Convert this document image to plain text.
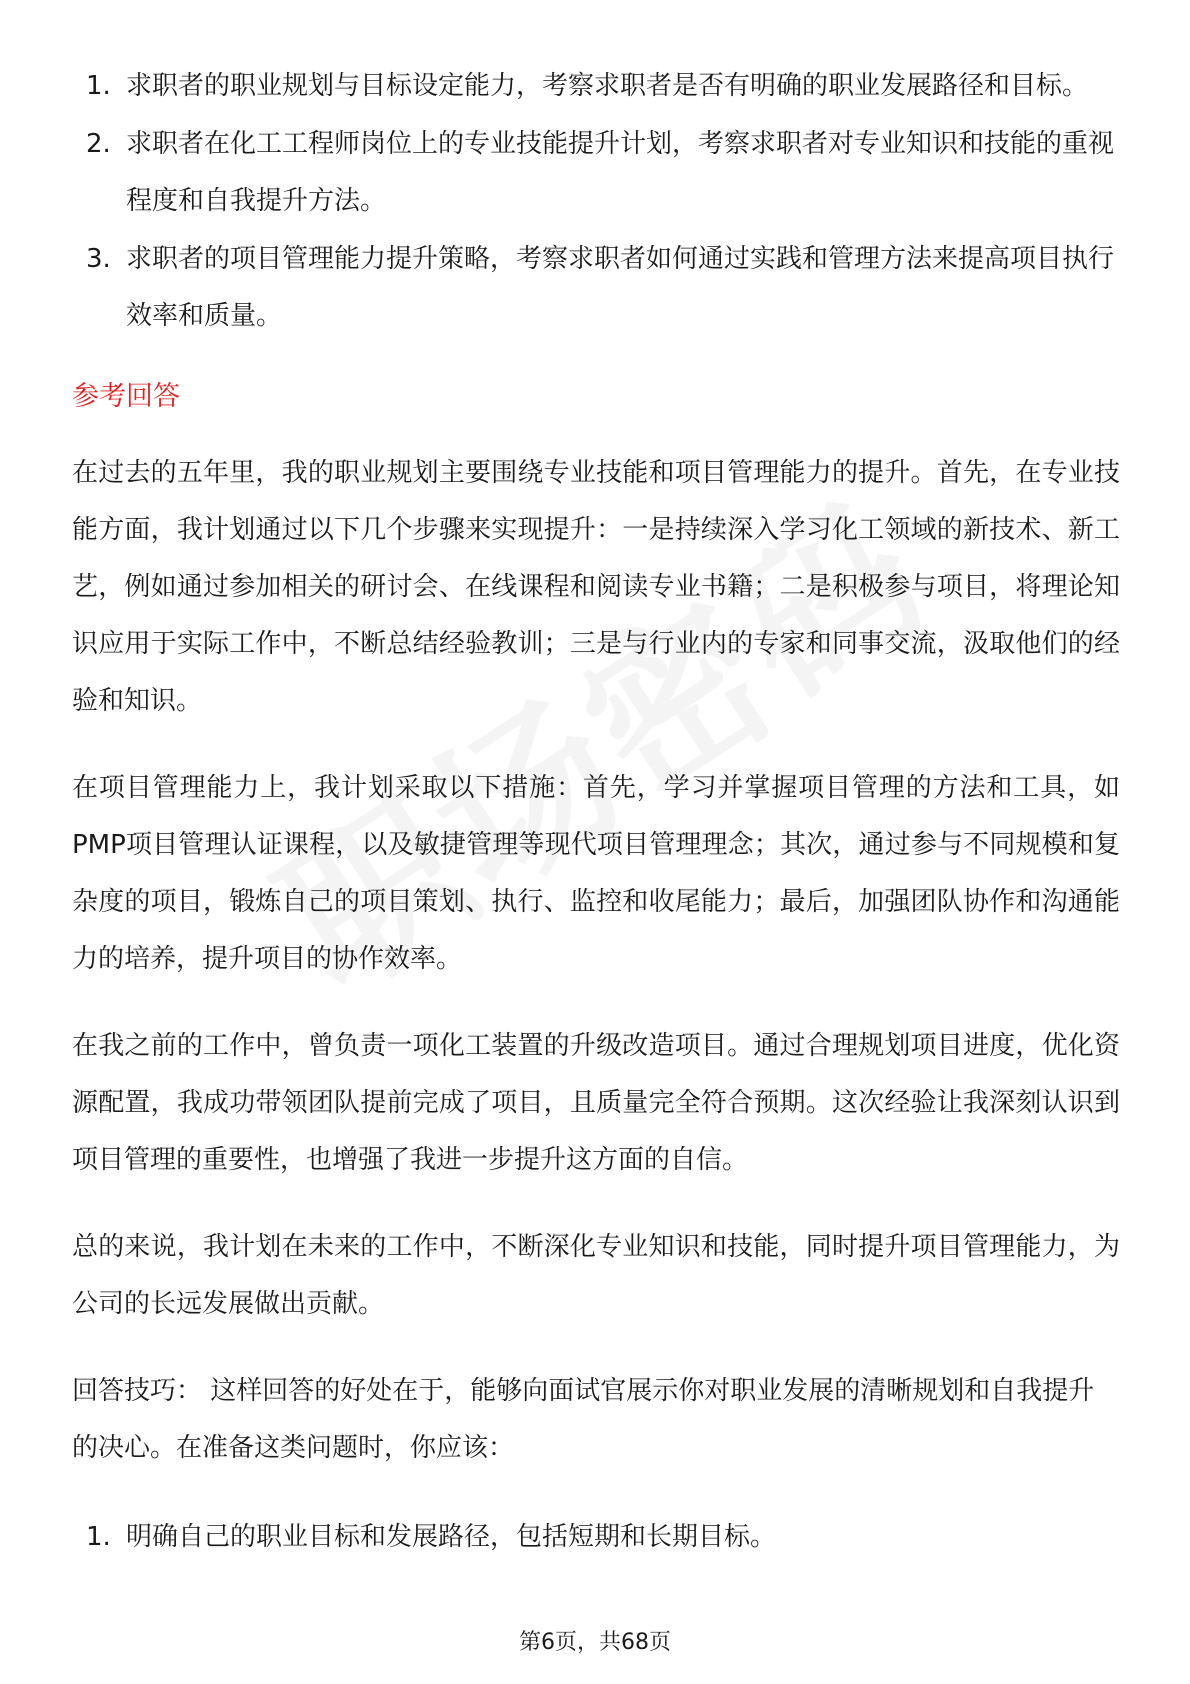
1. 求职者的职业规划与目标设定能力，考察求职者是否有明确的职业发展路径和目标。
2. 求职者在化工工程师岗位上的专业技能提升计划，考察求职者对专业知识和技能的重视程度和自我提升方法。
3. 求职者的项目管理能力提升策略，考察求职者如何通过实践和管理方法来提高项目执行效率和质量。
参考回答

在过去的五年里，我的职业规划主要围绕专业技能和项目管理能力的提升。首先，在专业技能方面，我计划通过以下几个步骤来实现提升：一是持续深入学习化工领域的新技术、新工艺，例如通过参加相关的研讨会、在线课程和阅读专业书籍；二是积极参与项目，将理论知识应用于实际工作中，不断总结经验教训；三是与行业内的专家和同事交流，汲取他们的经验和知识。

在项目管理能力上，我计划采取以下措施：首先，学习并掌握项目管理的方法和工具，如PMP项目管理认证课程，以及敏捷管理等现代项目管理理念；其次，通过参与不同规模和复杂度的项目，锻炼自己的项目策划、执行、监控和收尾能力；最后，加强团队协作和沟通能力的培养，提升项目的协作效率。

在我之前的工作中，曾负责一项化工装置的升级改造项目。通过合理规划项目进度，优化资源配置，我成功带领团队提前完成了项目，且质量完全符合预期。这次经验让我深刻认识到项目管理的重要性，也增强了我进一步提升这方面的自信。

总的来说，我计划在未来的工作中，不断深化专业知识和技能，同时提升项目管理能力，为公司的长远发展做出贡献。

回答技巧： 这样回答的好处在于，能够向面试官展示你对职业发展的清晰规划和自我提升的决心。在准备这类问题时，你应该：

1. 明确自己的职业目标和发展路径，包括短期和长期目标。
第6页，共68页
